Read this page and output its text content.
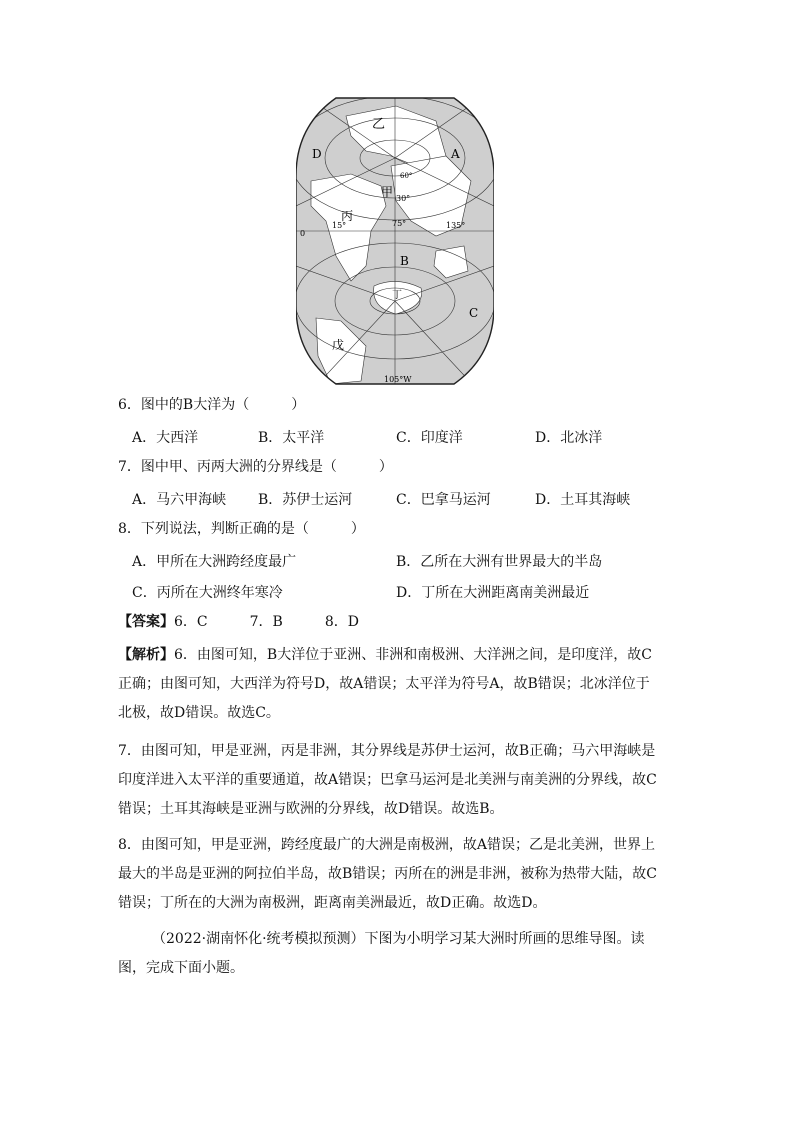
乙
甲
丙
丁
戊
A
B
C
D
30°
60°
15°	75°	135°
0
105°W
6．图中的B大洋为（　　　）
A．大西洋	B．太平洋	C．印度洋	D．北冰洋
7．图中甲、丙两大洲的分界线是（　　　）
A．马六甲海峡 B．苏伊士运河	C．巴拿马运河	D．土耳其海峡
8．下列说法，判断正确的是（　　　）
A．甲所在大洲跨经度最广	B．乙所在大洲有世界最大的半岛
C．丙所在大洲终年寒冷	D．丁所在大洲距离南美洲最近
【答案】6．C　　　7．B　　　8．D
【解析】6．由图可知，B大洋位于亚洲、非洲和南极洲、大洋洲之间，是印度洋，故C正确；由图可知，大西洋为符号D，故A错误；太平洋为符号A，故B错误；北冰洋位于北极，故D错误。故选C。
7．由图可知，甲是亚洲，丙是非洲，其分界线是苏伊士运河，故B正确；马六甲海峡是印度洋进入太平洋的重要通道，故A错误；巴拿马运河是北美洲与南美洲的分界线，故C错误；土耳其海峡是亚洲与欧洲的分界线，故D错误。故选B。
8．由图可知，甲是亚洲，跨经度最广的大洲是南极洲，故A错误；乙是北美洲，世界上最大的半岛是亚洲的阿拉伯半岛，故B错误；丙所在的洲是非洲，被称为热带大陆，故C错误；丁所在的大洲为南极洲，距离南美洲最近，故D正确。故选D。
（2022·湖南怀化·统考模拟预测）下图为小明学习某大洲时所画的思维导图。读图，完成下面小题。
